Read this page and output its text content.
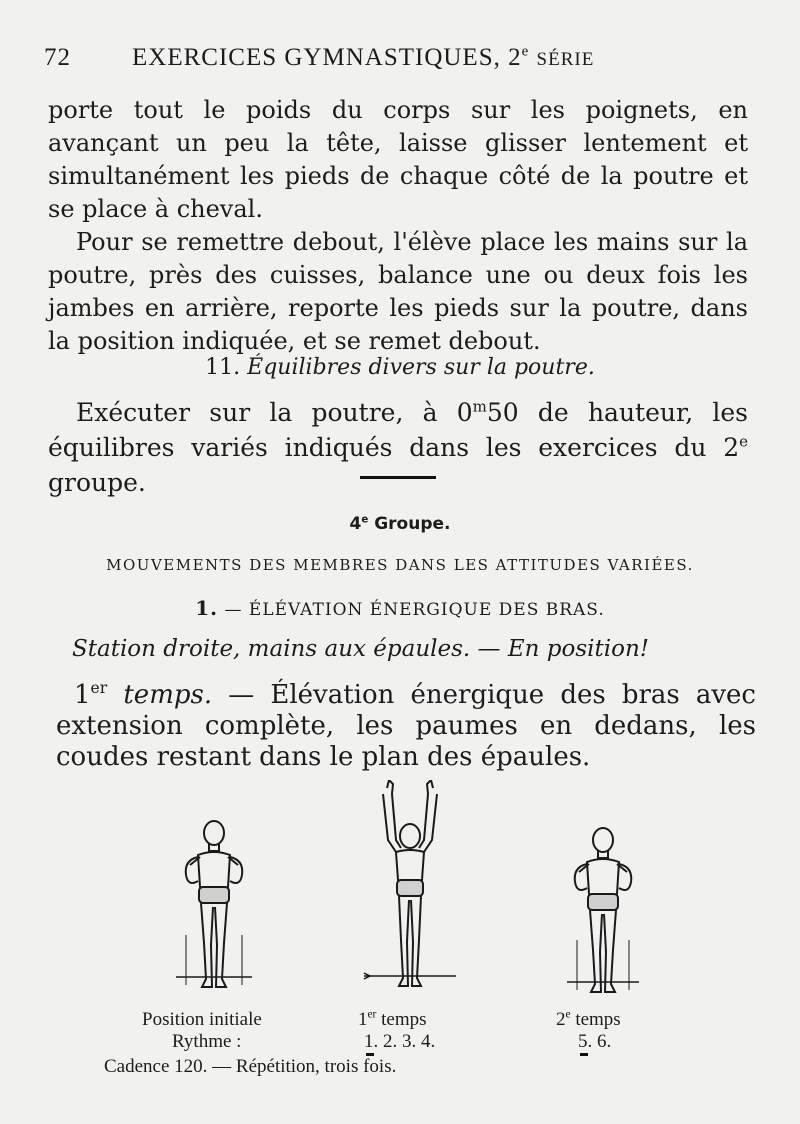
72 EXERCICES GYMNASTIQUES, 2e SÉRIE

porte tout le poids du corps sur les poignets, en avançant un peu la tête, laisse glisser lentement et simultanément les pieds de chaque côté de la poutre et se place à cheval.

Pour se remettre debout, l'élève place les mains sur la poutre, près des cuisses, balance une ou deux fois les jambes en arrière, reporte les pieds sur la poutre, dans la position indiquée, et se remet debout.

11. Équilibres divers sur la poutre.

Exécuter sur la poutre, à 0$^m$50 de hauteur, les équilibres variés indiqués dans les exercices du 2e groupe.

4e Groupe.
MOUVEMENTS DES MEMBRES DANS LES ATTITUDES VARIÉES.
1. — ÉLÉVATION ÉNERGIQUE DES BRAS.
Station droite, mains aux épaules. — En position!
1er temps. — Élévation énergique des bras avec extension complète, les paumes en dedans, les coudes restant dans le plan des épaules.
Position initiale	1er temps	2e temps
Rythme :	1. 2. 3. 4.	5. 6.
Cadence 120. — Répétition, trois fois.
